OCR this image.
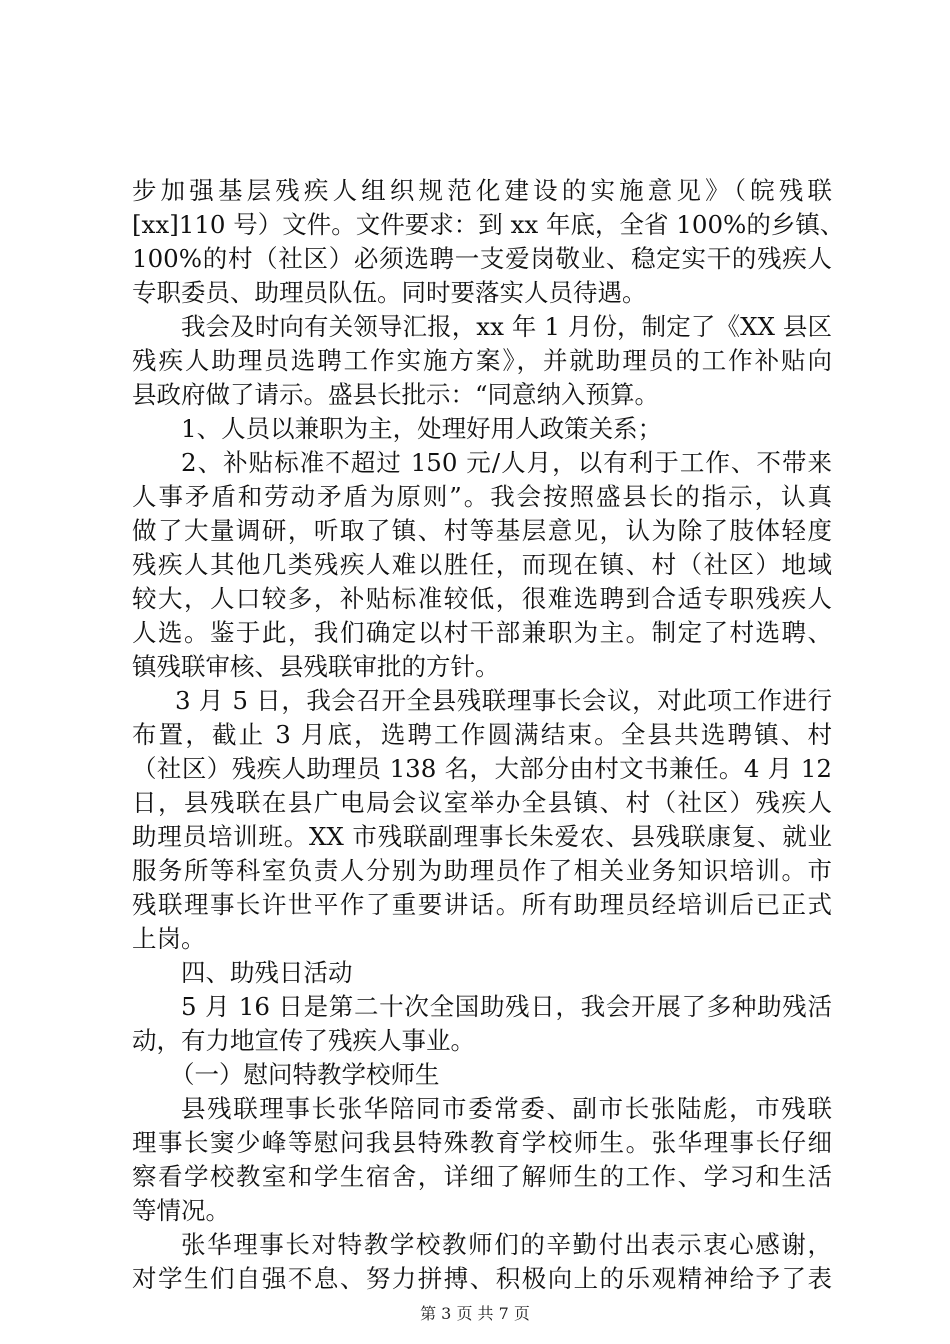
步加强基层残疾人组织规范化建设的实施意见》（皖残联
[xx]110 号）文件。文件要求：到 xx 年底，全省 100%的乡镇、
100%的村（社区）必须选聘一支爱岗敬业、稳定实干的残疾人
专职委员、助理员队伍。同时要落实人员待遇。
我会及时向有关领导汇报，xx 年 1 月份，制定了《XX 县区
残疾人助理员选聘工作实施方案》，并就助理员的工作补贴向
县政府做了请示。盛县长批示：“同意纳入预算。
1、人员以兼职为主，处理好用人政策关系；
2、补贴标准不超过 150 元/人月，以有利于工作、不带来
人事矛盾和劳动矛盾为原则”。我会按照盛县长的指示，认真
做了大量调研，听取了镇、村等基层意见，认为除了肢体轻度
残疾人其他几类残疾人难以胜任，而现在镇、村（社区）地域
较大，人口较多，补贴标准较低，很难选聘到合适专职残疾人
人选。鉴于此，我们确定以村干部兼职为主。制定了村选聘、
镇残联审核、县残联审批的方针。
3 月 5 日，我会召开全县残联理事长会议，对此项工作进行
布置，截止 3 月底，选聘工作圆满结束。全县共选聘镇、村
（社区）残疾人助理员 138 名，大部分由村文书兼任。4 月 12
日，县残联在县广电局会议室举办全县镇、村（社区）残疾人
助理员培训班。XX 市残联副理事长朱爱农、县残联康复、就业
服务所等科室负责人分别为助理员作了相关业务知识培训。市
残联理事长许世平作了重要讲话。所有助理员经培训后已正式
上岗。
四、助残日活动
5 月 16 日是第二十次全国助残日，我会开展了多种助残活
动，有力地宣传了残疾人事业。
（一）慰问特教学校师生
县残联理事长张华陪同市委常委、副市长张陆彪，市残联
理事长窦少峰等慰问我县特殊教育学校师生。张华理事长仔细
察看学校教室和学生宿舍，详细了解师生的工作、学习和生活
等情况。
张华理事长对特教学校教师们的辛勤付出表示衷心感谢，
对学生们自强不息、努力拼搏、积极向上的乐观精神给予了表
第 3 页 共 7 页
